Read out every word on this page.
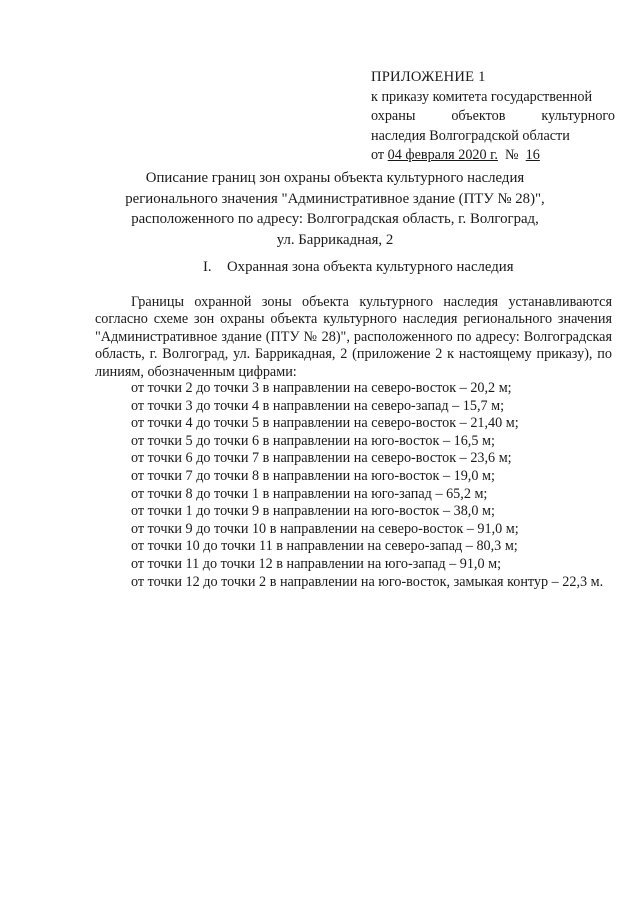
ПРИЛОЖЕНИЕ 1
к приказу комитета государственной
охраны	объектов	культурного
наследия Волгоградской области
от 04 февраля 2020 г. № 16
Описание границ зон охраны объекта культурного наследия
регионального значения "Административное здание (ПТУ № 28)",
расположенного по адресу: Волгоградская область, г. Волгоград,
ул. Баррикадная, 2
I. Охранная зона объекта культурного наследия
Границы охранной зоны объекта культурного наследия устанавливаются согласно схеме зон охраны объекта культурного наследия регионального значения "Административное здание (ПТУ № 28)", расположенного по адресу: Волгоградская область, г. Волгоград, ул. Баррикадная, 2 (приложение 2 к настоящему приказу), по линиям, обозначенным цифрами:
от точки 2 до точки 3 в направлении на северо-восток – 20,2 м;
от точки 3 до точки 4 в направлении на северо-запад – 15,7 м;
от точки 4 до точки 5 в направлении на северо-восток – 21,40 м;
от точки 5 до точки 6 в направлении на юго-восток – 16,5 м;
от точки 6 до точки 7 в направлении на северо-восток – 23,6 м;
от точки 7 до точки 8 в направлении на юго-восток – 19,0 м;
от точки 8 до точки 1 в направлении на юго-запад – 65,2 м;
от точки 1 до точки 9 в направлении на юго-восток – 38,0 м;
от точки 9 до точки 10 в направлении на северо-восток – 91,0 м;
от точки 10 до точки 11 в направлении на северо-запад – 80,3 м;
от точки 11 до точки 12 в направлении на юго-запад – 91,0 м;
от точки 12 до точки 2 в направлении на юго-восток, замыкая контур – 22,3 м.
